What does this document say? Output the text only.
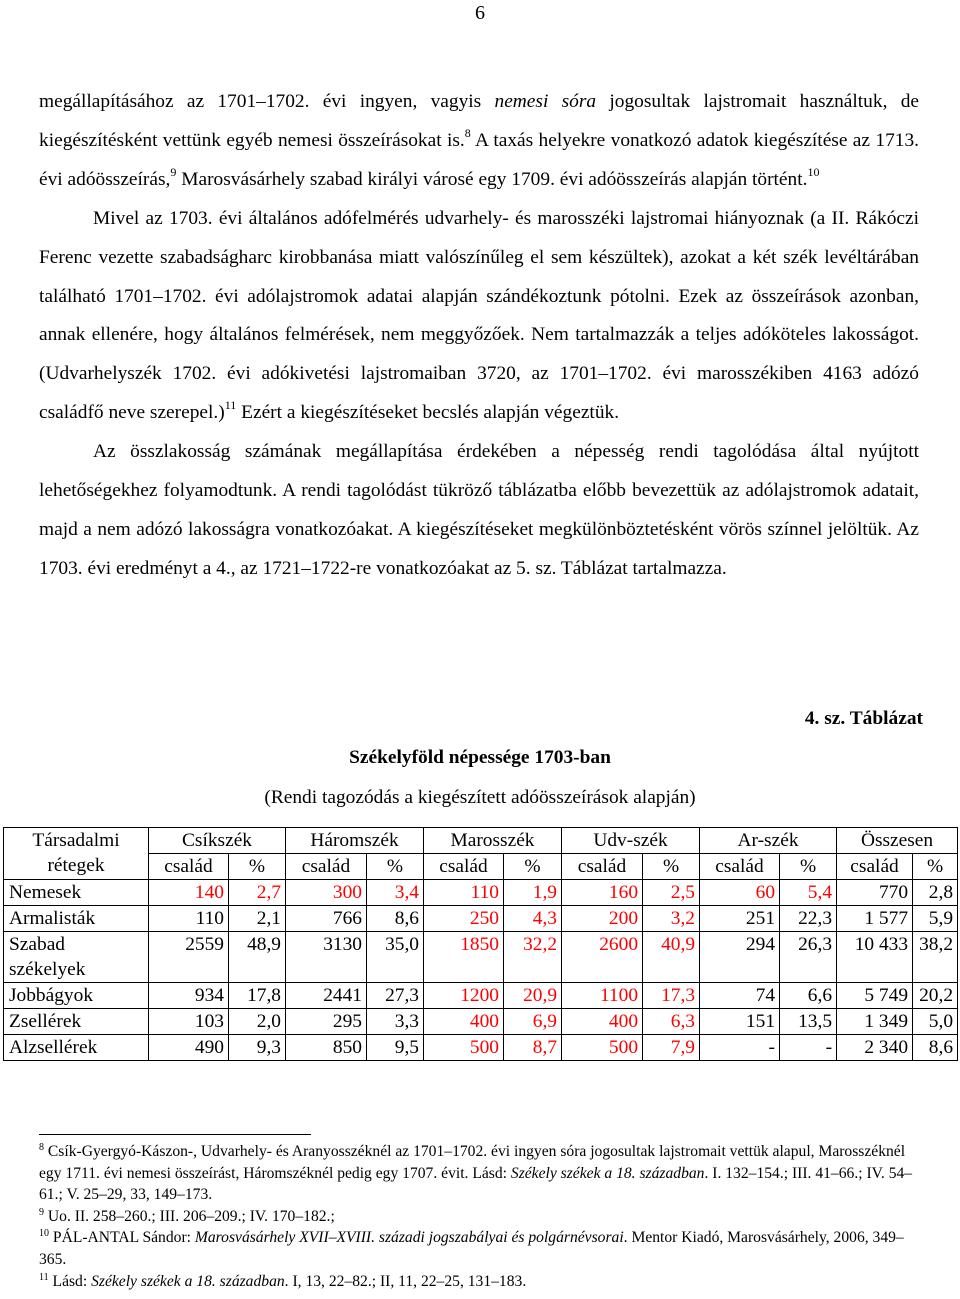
6

megállapításához az 1701–1702. évi ingyen, vagyis nemesi sóra jogosultak lajstromait használtuk, de kiegészítésként vettünk egyéb nemesi összeírásokat is.$^8$ A taxás helyekre vonatkozó adatok kiegészítése az 1713. évi adóösszeírás,$^9$ Marosvásárhely szabad királyi városé egy 1709. évi adóösszeírás alapján történt.$^{10}$

Mivel az 1703. évi általános adófelmérés udvarhely- és marosszéki lajstromai hiányoznak (a II. Rákóczi Ferenc vezette szabadságharc kirobbanása miatt valószínűleg el sem készültek), azokat a két szék levéltárában található 1701–1702. évi adólajstromok adatai alapján szándékoztunk pótolni. Ezek az összeírások azonban, annak ellenére, hogy általános felmérések, nem meggyőzőek. Nem tartalmazzák a teljes adóköteles lakosságot. (Udvarhelyszék 1702. évi adókivetési lajstromaiban 3720, az 1701–1702. évi marosszékiben 4163 adózó családfő neve szerepel.)$^{11}$ Ezért a kiegészítéseket becslés alapján végeztük.

Az összlakosság számának megállapítása érdekében a népesség rendi tagolódása által nyújtott lehetőségekhez folyamodtunk. A rendi tagolódást tükröző táblázatba előbb bevezettük az adólajstromok adatait, majd a nem adózó lakosságra vonatkozóakat. A kiegészítéseket megkülönböztetésként vörös színnel jelöltük. Az 1703. évi eredményt a 4., az 1721–1722-re vonatkozóakat az 5. sz. Táblázat tartalmazza.

4. sz. Táblázat
Székelyföld népessége 1703-ban
(Rendi tagozódás a kiegészített adóösszeírások alapján)
Társadalmi rétegek	Csíkszék		Háromszék		Marosszék		Udv-szék		Ar-szék		Összesen	
	család	%	család	%	család	%	család	%	család	%	család	%
Nemesek	140	2,7	300	3,4	110	1,9	160	2,5	60	5,4	770	2,8
Armalisták	110	2,1	766	8,6	250	4,3	200	3,2	251	22,3	1 577	5,9
Szabad székelyek	2559	48,9	3130	35,0	1850	32,2	2600	40,9	294	26,3	10 433	38,2
Jobbágyok	934	17,8	2441	27,3	1200	20,9	1100	17,3	74	6,6	5 749	20,2
Zsellérek	103	2,0	295	3,3	400	6,9	400	6,3	151	13,5	1 349	5,0
Alzsellérek	490	9,3	850	9,5	500	8,7	500	7,9	-	-	2 340	8,6

$^8$ Csík-Gyergyó-Kászon-, Udvarhely- és Aranyosszéknél az 1701–1702. évi ingyen sóra jogosultak lajstromait vettük alapul, Marosszéknél egy 1711. évi nemesi összeírást, Háromszéknél pedig egy 1707. évit. Lásd: Székely székek a 18. században. I. 132–154.; III. 41–66.; IV. 54–61.; V. 25–29, 33, 149–173.

$^9$ Uo. II. 258–260.; III. 206–209.; IV. 170–182.;

$^{10}$ PÁL-ANTAL Sándor: Marosvásárhely XVII–XVIII. századi jogszabályai és polgárnévsorai. Mentor Kiadó, Marosvásárhely, 2006, 349–365.

$^{11}$ Lásd: Székely székek a 18. században. I, 13, 22–82.; II, 11, 22–25, 131–183.
